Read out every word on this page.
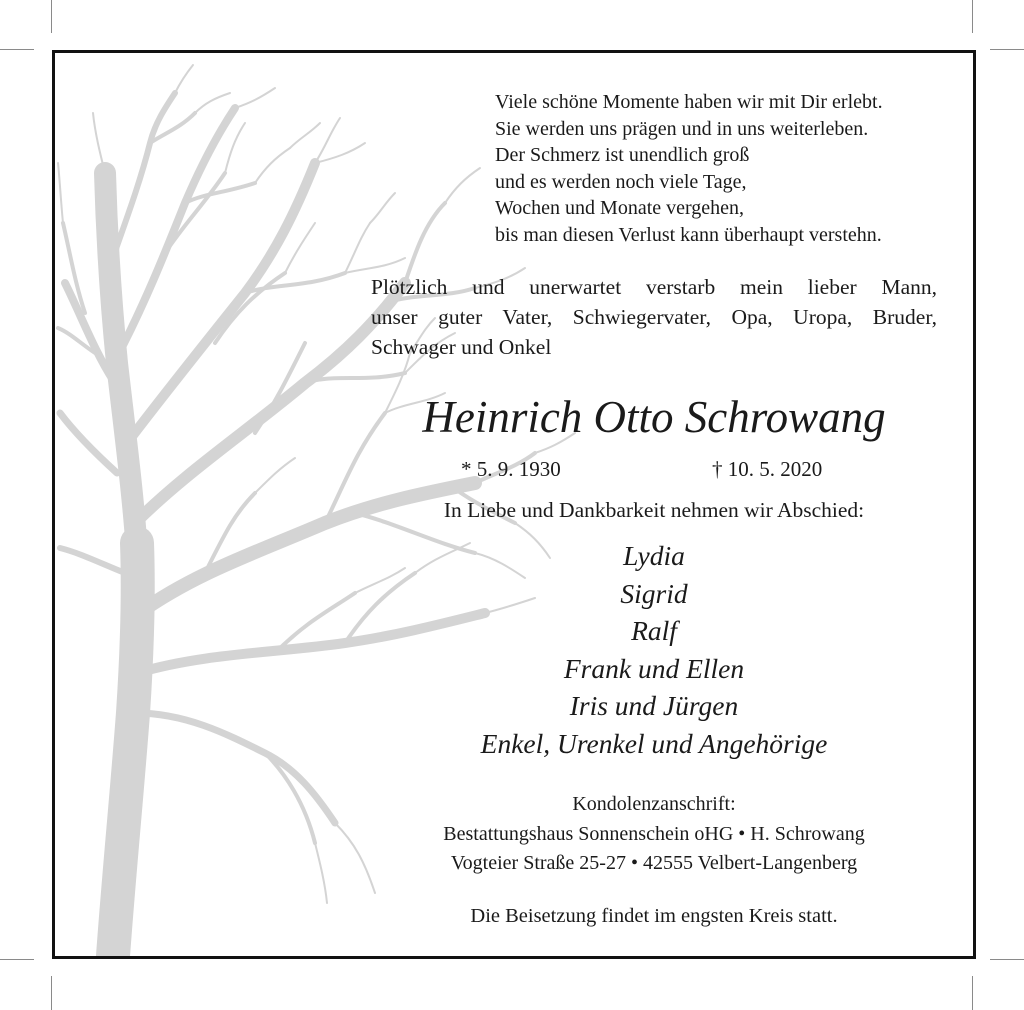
Viele schöne Momente haben wir mit Dir erlebt.
Sie werden uns prägen und in uns weiterleben.
Der Schmerz ist unendlich groß
und es werden noch viele Tage,
Wochen und Monate vergehen,
bis man diesen Verlust kann überhaupt verstehn.
Plötzlich und unerwartet verstarb mein lieber Mann,
unser guter Vater, Schwiegervater, Opa, Uropa, Bruder,
Schwager und Onkel
Heinrich Otto Schrowang
* 5. 9. 1930	† 10. 5. 2020
In Liebe und Dankbarkeit nehmen wir Abschied:
Lydia
Sigrid
Ralf
Frank und Ellen
Iris und Jürgen
Enkel, Urenkel und Angehörige
Kondolenzanschrift:
Bestattungshaus Sonnenschein oHG • H. Schrowang
Vogteier Straße 25-27 • 42555 Velbert-Langenberg
Die Beisetzung findet im engsten Kreis statt.
